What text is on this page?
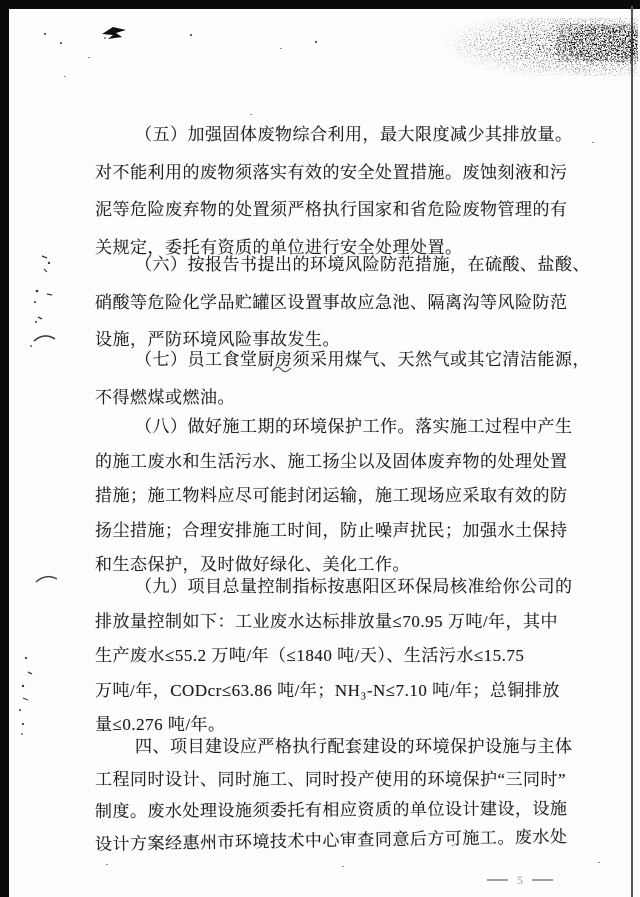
（五）加强固体废物综合利用，最大限度减少其排放量。
对不能利用的废物须落实有效的安全处置措施。废蚀刻液和污
泥等危险废弃物的处置须严格执行国家和省危险废物管理的有
关规定，委托有资质的单位进行安全处理处置。
（六）按报告书提出的环境风险防范措施，在硫酸、盐酸、
硝酸等危险化学品贮罐区设置事故应急池、隔离沟等风险防范
设施，严防环境风险事故发生。
（七）员工食堂厨房须采用煤气、天然气或其它清洁能源，
不得燃煤或燃油。
（八）做好施工期的环境保护工作。落实施工过程中产生
的施工废水和生活污水、施工扬尘以及固体废弃物的处理处置
措施；施工物料应尽可能封闭运输，施工现场应采取有效的防
扬尘措施；合理安排施工时间，防止噪声扰民；加强水土保持
和生态保护，及时做好绿化、美化工作。
（九）项目总量控制指标按惠阳区环保局核准给你公司的
排放量控制如下：工业废水达标排放量≤70.95 万吨/年，其中
生产废水≤55.2 万吨/年（≤1840 吨/天）、生活污水≤15.75
万吨/年，CODcr≤63.86 吨/年；NH₃-N≤7.10 吨/年；总铜排放
量≤0.276 吨/年。
四、项目建设应严格执行配套建设的环境保护设施与主体
工程同时设计、同时施工、同时投产使用的环境保护“三同时”
制度。废水处理设施须委托有相应资质的单位设计建设，设施
设计方案经惠州市环境技术中心审查同意后方可施工。废水处
5
